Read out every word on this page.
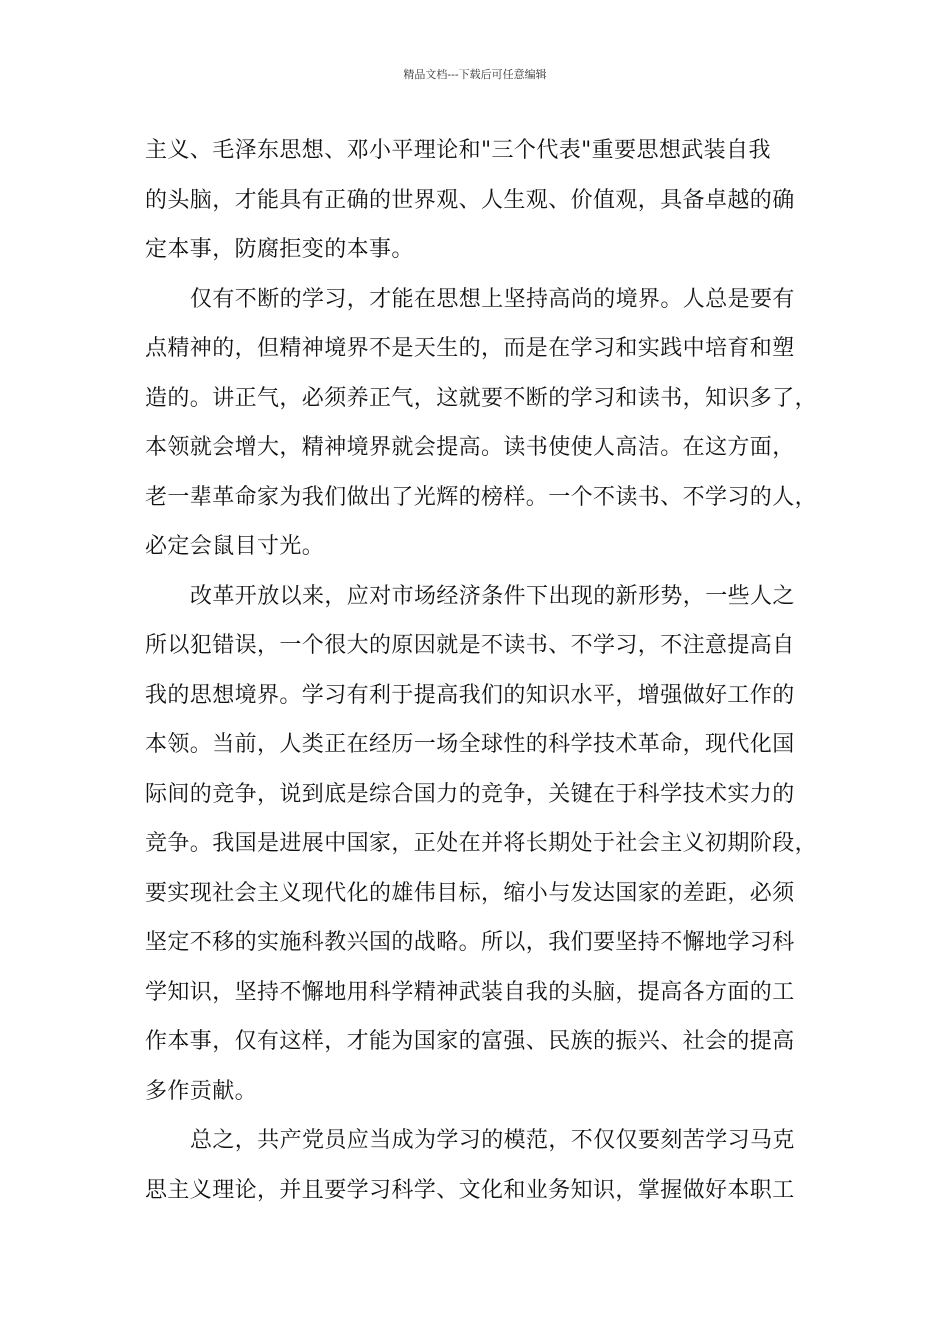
精品文档---下载后可任意编辑
主义、毛泽东思想、邓小平理论和"三个代表"重要思想武装自我
的头脑，才能具有正确的世界观、人生观、价值观，具备卓越的确
定本事，防腐拒变的本事。
仅有不断的学习，才能在思想上坚持高尚的境界。人总是要有
点精神的，但精神境界不是天生的，而是在学习和实践中培育和塑
造的。讲正气，必须养正气，这就要不断的学习和读书，知识多了，
本领就会增大，精神境界就会提高。读书使使人高洁。在这方面，
老一辈革命家为我们做出了光辉的榜样。一个不读书、不学习的人，
必定会鼠目寸光。
改革开放以来，应对市场经济条件下出现的新形势，一些人之
所以犯错误，一个很大的原因就是不读书、不学习，不注意提高自
我的思想境界。学习有利于提高我们的知识水平，增强做好工作的
本领。当前，人类正在经历一场全球性的科学技术革命，现代化国
际间的竞争，说到底是综合国力的竞争，关键在于科学技术实力的
竞争。我国是进展中国家，正处在并将长期处于社会主义初期阶段，
要实现社会主义现代化的雄伟目标，缩小与发达国家的差距，必须
坚定不移的实施科教兴国的战略。所以，我们要坚持不懈地学习科
学知识，坚持不懈地用科学精神武装自我的头脑，提高各方面的工
作本事，仅有这样，才能为国家的富强、民族的振兴、社会的提高
多作贡献。
总之，共产党员应当成为学习的模范，不仅仅要刻苦学习马克
思主义理论，并且要学习科学、文化和业务知识，掌握做好本职工
